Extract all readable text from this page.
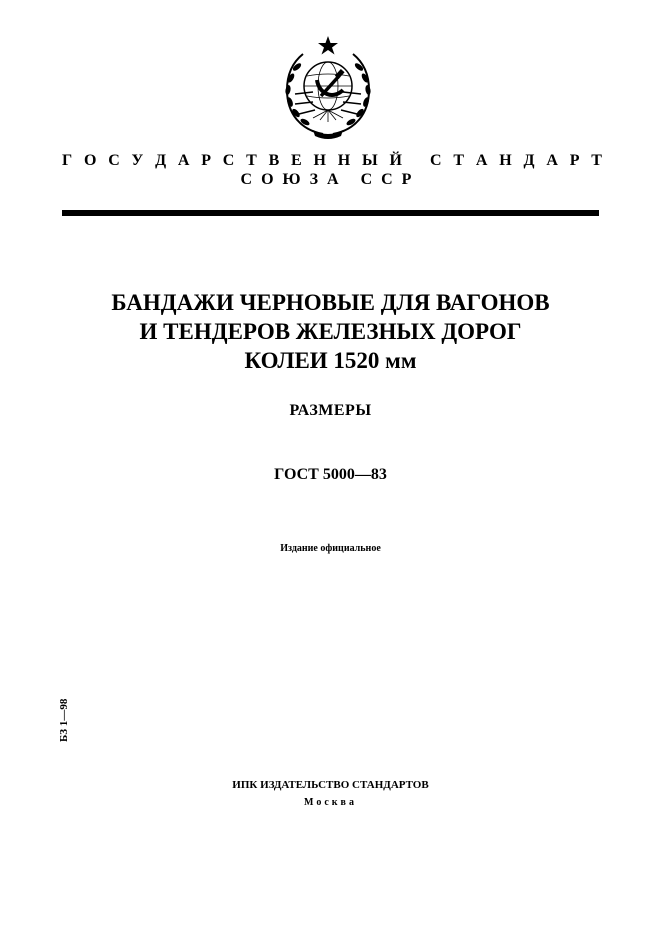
Г О С У Д А Р С Т В Е Н Н Ы Й С Т А Н Д А Р Т
СОЮЗА ССР
БАНДАЖИ ЧЕРНОВЫЕ ДЛЯ ВАГОНОВ
И ТЕНДЕРОВ ЖЕЛЕЗНЫХ ДОРОГ
КОЛЕИ 1520 мм
РАЗМЕРЫ
ГОСТ 5000—83
Издание официальное
БЗ 1—98
ИПК ИЗДАТЕЛЬСТВО СТАНДАРТОВ
Москва
